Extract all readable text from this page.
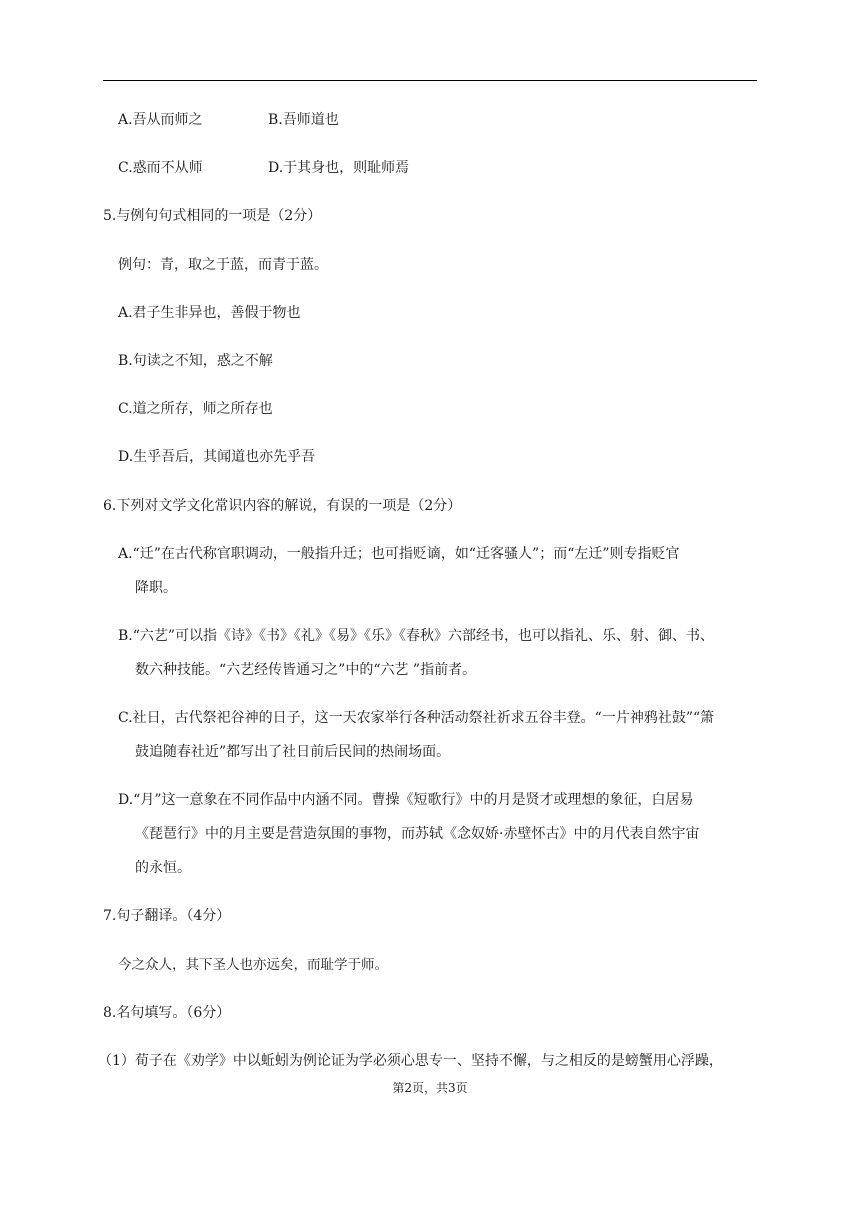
A.吾从而师之	B.吾师道也
C.惑而不从师	D.于其身也，则耻师焉
5.与例句句式相同的一项是（2分）
例句：青，取之于蓝，而青于蓝。
A.君子生非异也，善假于物也
B.句读之不知，惑之不解
C.道之所存，师之所存也
D.生乎吾后，其闻道也亦先乎吾
6.下列对文学文化常识内容的解说，有误的一项是（2分）
A.“迁”在古代称官职调动，一般指升迁；也可指贬谪，如“迁客骚人”；而“左迁”则专指贬官
降职。
B.“六艺”可以指《诗》《书》《礼》《易》《乐》《春秋》六部经书，也可以指礼、乐、射、御、书、
数六种技能。“六艺经传皆通习之”中的“六艺 ”指前者。
C.社日，古代祭祀谷神的日子，这一天农家举行各种活动祭社祈求五谷丰登。“一片神鸦社鼓”“箫
鼓追随春社近”都写出了社日前后民间的热闹场面。
D.“月”这一意象在不同作品中内涵不同。曹操《短歌行》中的月是贤才或理想的象征，白居易
《琵琶行》中的月主要是营造氛围的事物，而苏轼《念奴娇·赤壁怀古》中的月代表自然宇宙
的永恒。
7.句子翻译。（4分）
今之众人，其下圣人也亦远矣，而耻学于师。
8.名句填写。（6分）
（1）荀子在《劝学》中以蚯蚓为例论证为学必须心思专一、坚持不懈，与之相反的是螃蟹用心浮躁，
第2页，共3页
